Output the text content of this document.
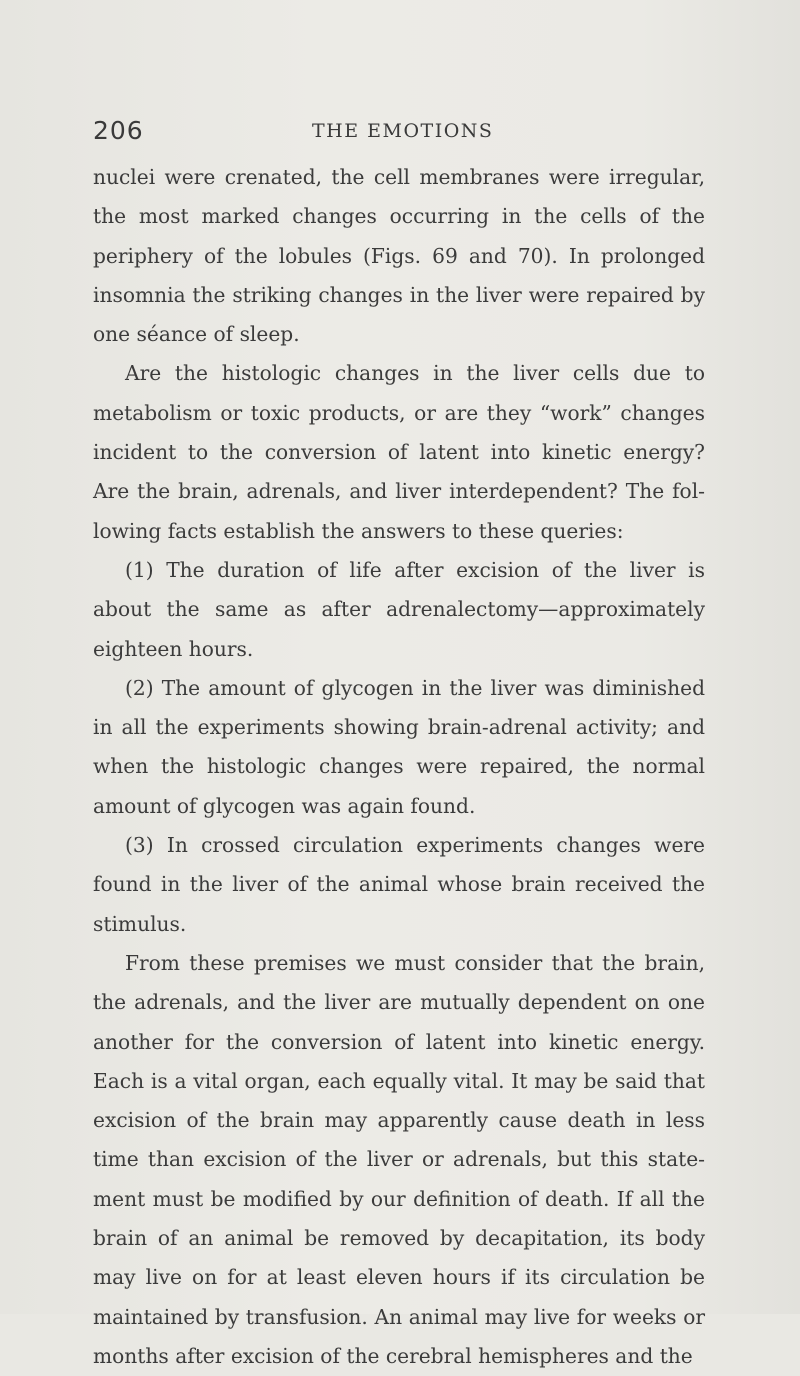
206	THE EMOTIONS

nuclei were crenated, the cell membranes were irregular, the most marked changes occurring in the cells of the periphery of the lobules (Figs. 69 and 70). In prolonged insomnia the striking changes in the liver were repaired by one séance of sleep.

Are the histologic changes in the liver cells due to metabolism or toxic products, or are they “work” changes incident to the conversion of latent into kinetic energy? Are the brain, adrenals, and liver interdependent? The following facts establish the answers to these queries:

(1) The duration of life after excision of the liver is about the same as after adrenalectomy—approximately eighteen hours.

(2) The amount of glycogen in the liver was diminished in all the experiments showing brain-adrenal activity; and when the histologic changes were repaired, the normal amount of glycogen was again found.

(3) In crossed circulation experiments changes were found in the liver of the animal whose brain received the stimulus.

From these premises we must consider that the brain, the adrenals, and the liver are mutually dependent on one another for the conversion of latent into kinetic energy. Each is a vital organ, each equally vital. It may be said that excision of the brain may apparently cause death in less time than excision of the liver or adrenals, but this statement must be modified by our definition of death. If all the brain of an animal be removed by decapitation, its body may live on for at least eleven hours if its circulation be maintained by transfusion. An animal may live for weeks or months after excision of the cerebral hemispheres and the
